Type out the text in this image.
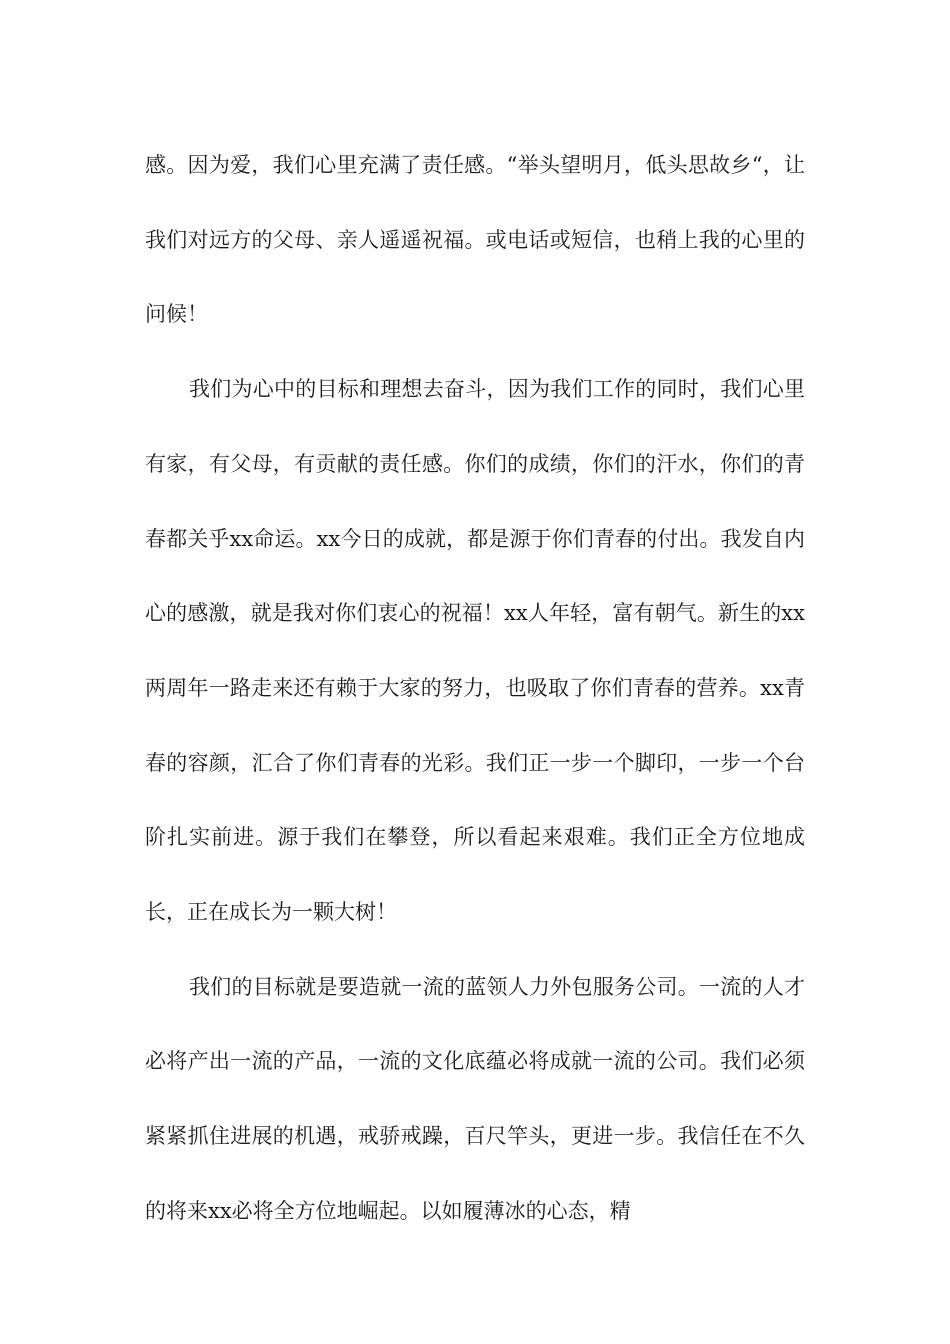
感。因为爱，我们心里充满了责任感。“举头望明月，低头思故乡“，让我们对远方的父母、亲人遥遥祝福。或电话或短信，也稍上我的心里的问候！

我们为心中的目标和理想去奋斗，因为我们工作的同时，我们心里有家，有父母，有贡献的责任感。你们的成绩，你们的汗水，你们的青春都关乎xx命运。xx今日的成就，都是源于你们青春的付出。我发自内心的感激，就是我对你们衷心的祝福！xx人年轻，富有朝气。新生的xx两周年一路走来还有赖于大家的努力，也吸取了你们青春的营养。xx青春的容颜，汇合了你们青春的光彩。我们正一步一个脚印，一步一个台阶扎实前进。源于我们在攀登，所以看起来艰难。我们正全方位地成长，正在成长为一颗大树！

我们的目标就是要造就一流的蓝领人力外包服务公司。一流的人才必将产出一流的产品，一流的文化底蕴必将成就一流的公司。我们必须紧紧抓住进展的机遇，戒骄戒躁，百尺竿头，更进一步。我信任在不久的将来xx必将全方位地崛起。以如履薄冰的心态，精
